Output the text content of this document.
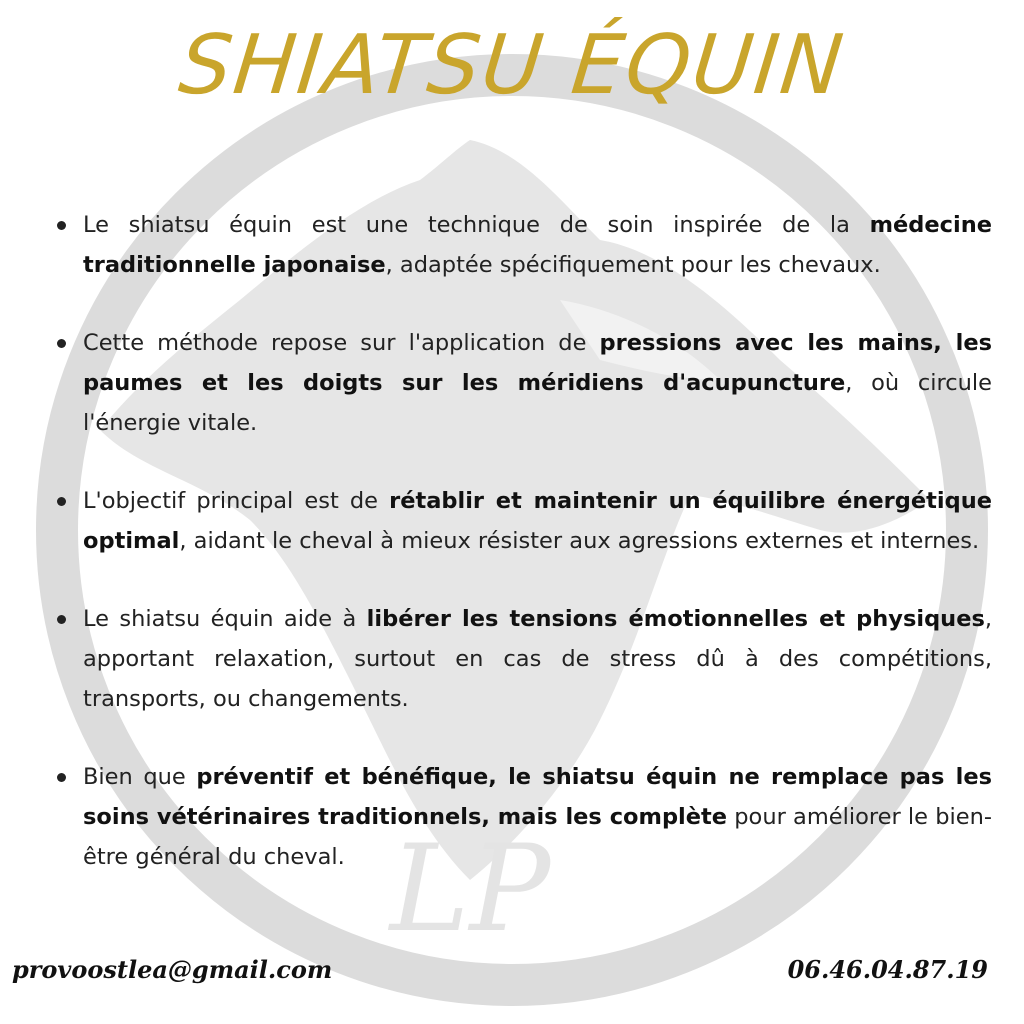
LP
SHIATSU ÉQUIN
Le shiatsu équin est une technique de soin inspirée de la médecine traditionnelle japonaise, adaptée spécifiquement pour les chevaux.
Cette méthode repose sur l'application de pressions avec les mains, les paumes et les doigts sur les méridiens d'acupuncture, où circule l'énergie vitale.
L'objectif principal est de rétablir et maintenir un équilibre énergétique optimal, aidant le cheval à mieux résister aux agressions externes et internes.
Le shiatsu équin aide à libérer les tensions émotionnelles et physiques, apportant relaxation, surtout en cas de stress dû à des compétitions, transports, ou changements.
Bien que préventif et bénéfique, le shiatsu équin ne remplace pas les soins vétérinaires traditionnels, mais les complète pour améliorer le bien-être général du cheval.
provoostlea@gmail.com	06.46.04.87.19
